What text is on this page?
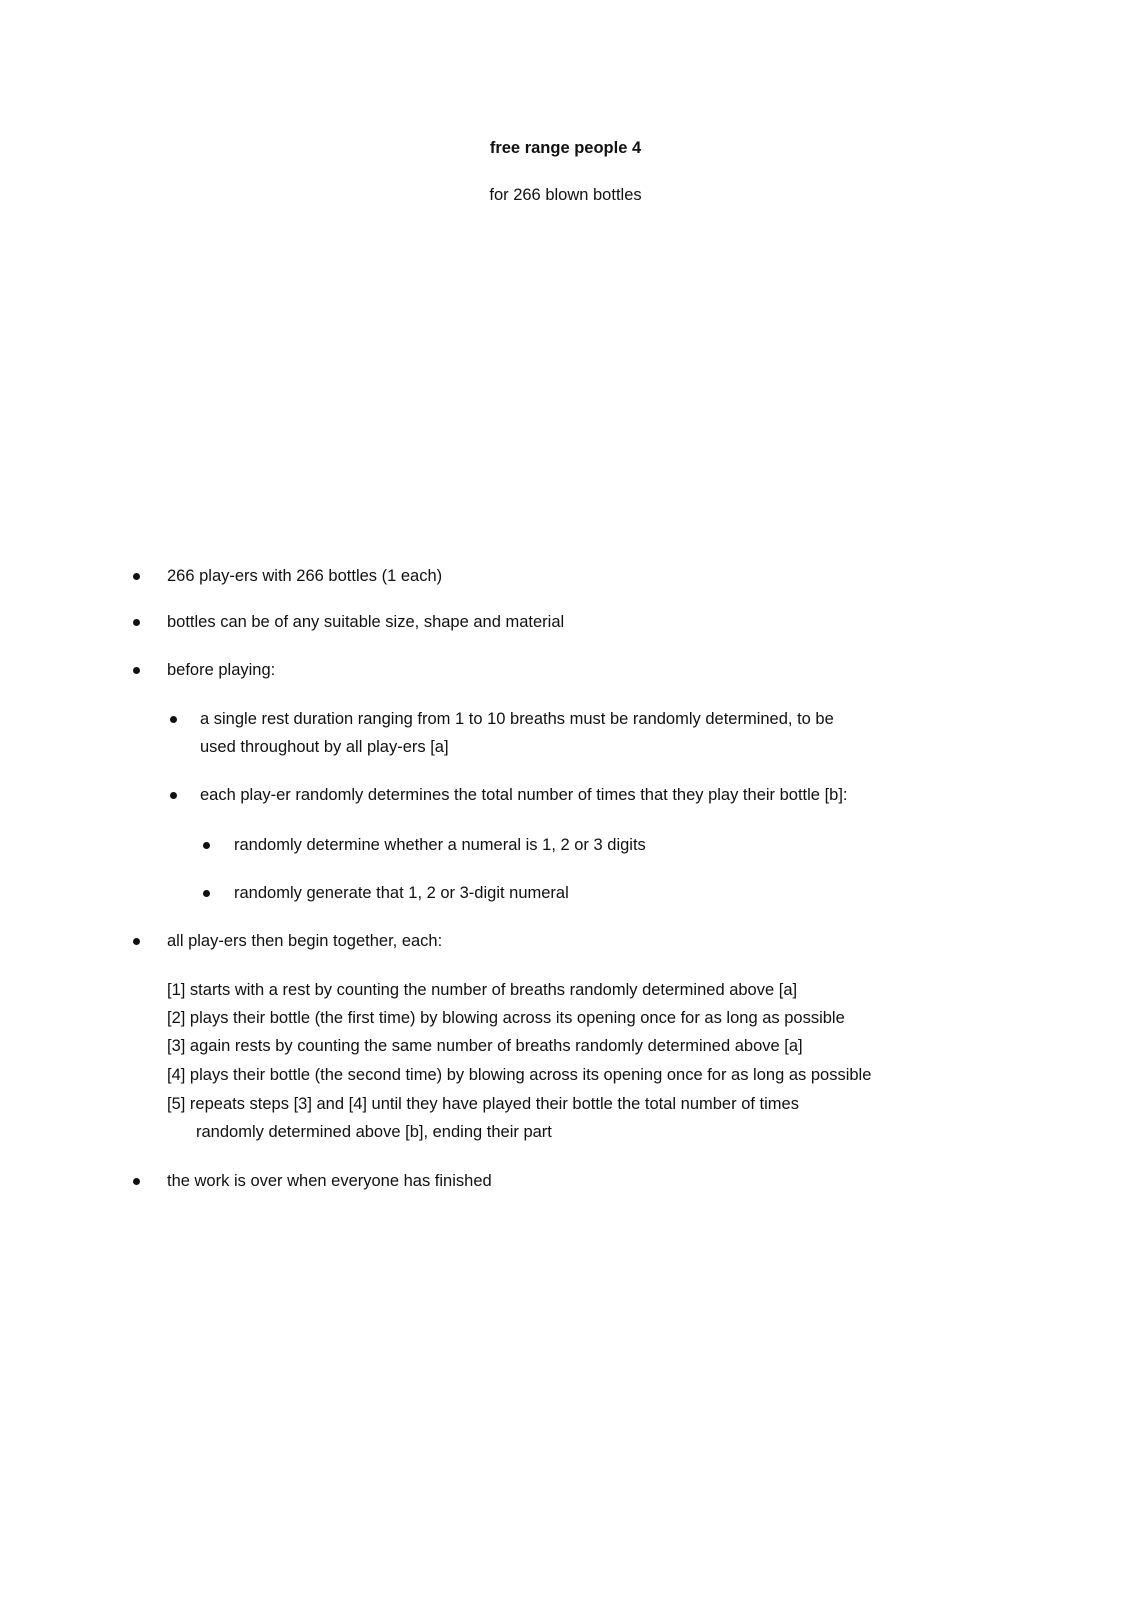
free range people 4
for 266 blown bottles
266 play-ers with 266 bottles (1 each)
bottles can be of any suitable size, shape and material
before playing:
a single rest duration ranging from 1 to 10 breaths must be randomly determined, to be
used throughout by all play-ers [a]
each play-er randomly determines the total number of times that they play their bottle [b]:
randomly determine whether a numeral is 1, 2 or 3 digits
randomly generate that 1, 2 or 3-digit numeral
all play-ers then begin together, each:
[1] starts with a rest by counting the number of breaths randomly determined above [a]
[2] plays their bottle (the first time) by blowing across its opening once for as long as possible
[3] again rests by counting the same number of breaths randomly determined above [a]
[4] plays their bottle (the second time) by blowing across its opening once for as long as possible
[5] repeats steps [3] and [4] until they have played their bottle the total number of times
randomly determined above [b], ending their part
the work is over when everyone has finished
